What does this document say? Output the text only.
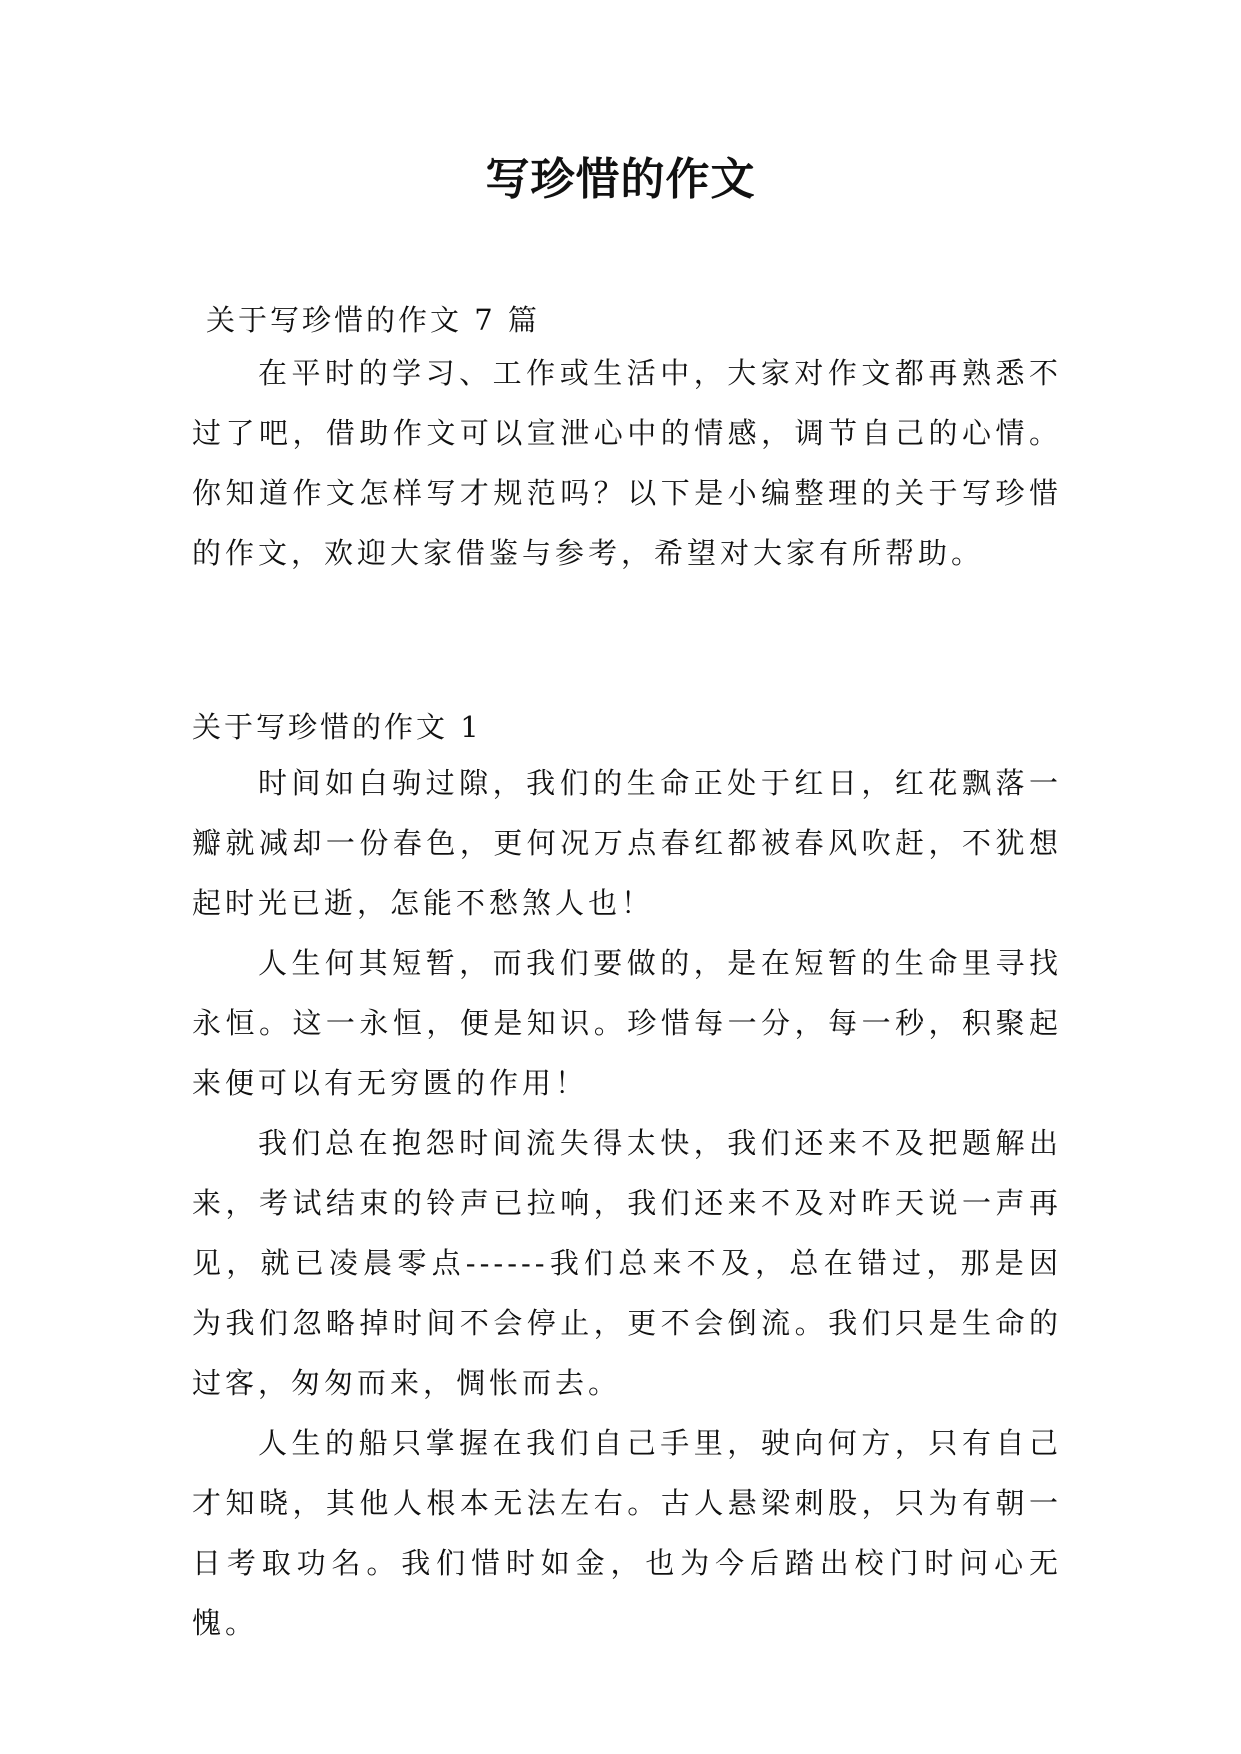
写珍惜的作文
关于写珍惜的作文 7 篇

在平时的学习、工作或生活中，大家对作文都再熟悉不过了吧，借助作文可以宣泄心中的情感，调节自己的心情。你知道作文怎样写才规范吗？以下是小编整理的关于写珍惜的作文，欢迎大家借鉴与参考，希望对大家有所帮助。

关于写珍惜的作文 1

时间如白驹过隙，我们的生命正处于红日，红花飘落一瓣就减却一份春色，更何况万点春红都被春风吹赶，不犹想起时光已逝，怎能不愁煞人也！

人生何其短暂，而我们要做的，是在短暂的生命里寻找永恒。这一永恒，便是知识。珍惜每一分，每一秒，积聚起来便可以有无穷匮的作用！

我们总在抱怨时间流失得太快，我们还来不及把题解出来，考试结束的铃声已拉响，我们还来不及对昨天说一声再见，就已凌晨零点------我们总来不及，总在错过，那是因为我们忽略掉时间不会停止，更不会倒流。我们只是生命的过客，匆匆而来，惆怅而去。

人生的船只掌握在我们自己手里，驶向何方，只有自己才知晓，其他人根本无法左右。古人悬梁刺股，只为有朝一日考取功名。我们惜时如金，也为今后踏出校门时问心无愧。
